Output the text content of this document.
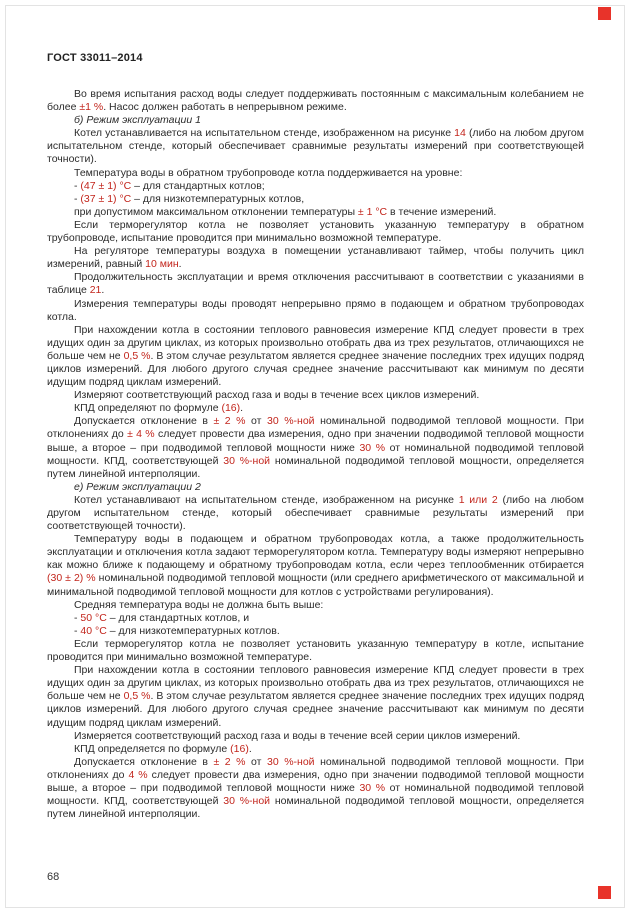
ГОСТ 33011–2014

Во время испытания расход воды следует поддерживать постоянным с максимальным колебанием не более ±1 %. Насос должен работать в непрерывном режиме.

б) Режим эксплуатации 1

Котел устанавливается на испытательном стенде, изображенном на рисунке 14 (либо на любом другом испытательном стенде, который обеспечивает сравнимые результаты измерений при соответствующей точности).

Температура воды в обратном трубопроводе котла поддерживается на уровне:

- (47 ± 1) °С – для стандартных котлов;

- (37 ± 1) °С – для низкотемпературных котлов,

при допустимом максимальном отклонении температуры ± 1 °С в течение измерений.

Если терморегулятор котла не позволяет установить указанную температуру в обратном трубопроводе, испытание проводится при минимально возможной температуре.

На регуляторе температуры воздуха в помещении устанавливают таймер, чтобы получить цикл измерений, равный 10 мин.

Продолжительность эксплуатации и время отключения рассчитывают в соответствии с указаниями в таблице 21.

Измерения температуры воды проводят непрерывно прямо в подающем и обратном трубопроводах котла.

При нахождении котла в состоянии теплового равновесия измерение КПД следует провести в трех идущих один за другим циклах, из которых произвольно отобрать два из трех результатов, отличающихся не больше чем не 0,5 %. В этом случае результатом является среднее значение последних трех идущих подряд циклов измерений. Для любого другого случая среднее значение рассчитывают как минимум по десяти идущим подряд циклам измерений.

Измеряют соответствующий расход газа и воды в течение всех циклов измерений.

КПД определяют по формуле (16).

Допускается отклонение в ± 2 % от 30 %-ной номинальной подводимой тепловой мощности. При отклонениях до ± 4 % следует провести два измерения, одно при значении подводимой тепловой мощности выше, а второе – при подводимой тепловой мощности ниже 30 % от номинальной подводимой тепловой мощности. КПД, соответствующей 30 %-ной номинальной подводимой тепловой мощности, определяется путем линейной интерполяции.

е) Режим эксплуатации 2

Котел устанавливают на испытательном стенде, изображенном на рисунке 1 или 2 (либо на любом другом испытательном стенде, который обеспечивает сравнимые результаты измерений при соответствующей точности).

Температуру воды в подающем и обратном трубопроводах котла, а также продолжительность эксплуатации и отключения котла задают терморегулятором котла. Температуру воды измеряют непрерывно как можно ближе к подающему и обратному трубопроводам котла, если через теплообменник отбирается (30 ± 2) % номинальной подводимой тепловой мощности (или среднего арифметического от максимальной и минимальной подводимой тепловой мощности для котлов с устройствами регулирования).

Средняя температура воды не должна быть выше:

- 50 °С – для стандартных котлов, и

- 40 °С – для низкотемпературных котлов.

Если терморегулятор котла не позволяет установить указанную температуру в котле, испытание проводится при минимально возможной температуре.

При нахождении котла в состоянии теплового равновесия измерение КПД следует провести в трех идущих один за другим циклах, из которых произвольно отобрать два из трех результатов, отличающихся не больше чем не 0,5 %. В этом случае результатом является среднее значение последних трех идущих подряд циклов измерений. Для любого другого случая среднее значение рассчитывают как минимум по десяти идущим подряд циклам измерений.

Измеряется соответствующий расход газа и воды в течение всей серии циклов измерений.

КПД определяется по формуле (16).

Допускается отклонение в ± 2 % от 30 %-ной номинальной подводимой тепловой мощности. При отклонениях до 4 % следует провести два измерения, одно при значении подводимой тепловой мощности выше, а второе – при подводимой тепловой мощности ниже 30 % от номинальной подводимой тепловой мощности. КПД, соответствующей 30 %-ной номинальной подводимой тепловой мощности, определяется путем линейной интерполяции.

68
